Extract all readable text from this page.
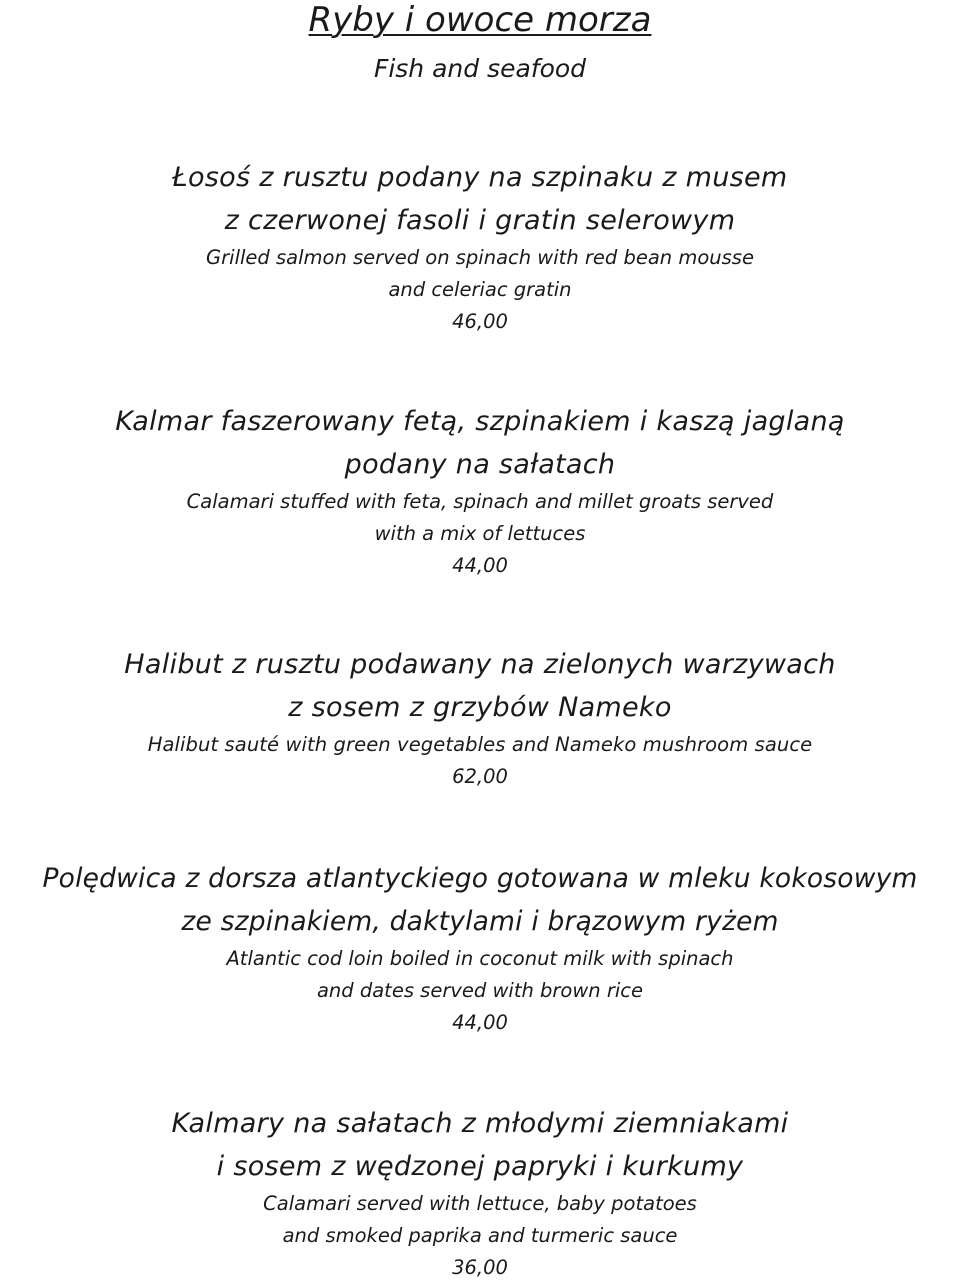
Ryby i owoce morza
Fish and seafood
Łosoś z rusztu podany na szpinaku z musem
z czerwonej fasoli i gratin selerowym
Grilled salmon served on spinach with red bean mousse
and celeriac gratin
46,00
Kalmar faszerowany fetą, szpinakiem i kaszą jaglaną
podany na sałatach
Calamari stuffed with feta, spinach and millet groats served
with a mix of lettuces
44,00
Halibut z rusztu podawany na zielonych warzywach
z sosem z grzybów Nameko
Halibut sauté with green vegetables and Nameko mushroom sauce
62,00
Polędwica z dorsza atlantyckiego gotowana w mleku kokosowym
ze szpinakiem, daktylami i brązowym ryżem
Atlantic cod loin boiled in coconut milk with spinach
and dates served with brown rice
44,00
Kalmary na sałatach z młodymi ziemniakami
i sosem z wędzonej papryki i kurkumy
Calamari served with lettuce, baby potatoes
and smoked paprika and turmeric sauce
36,00
